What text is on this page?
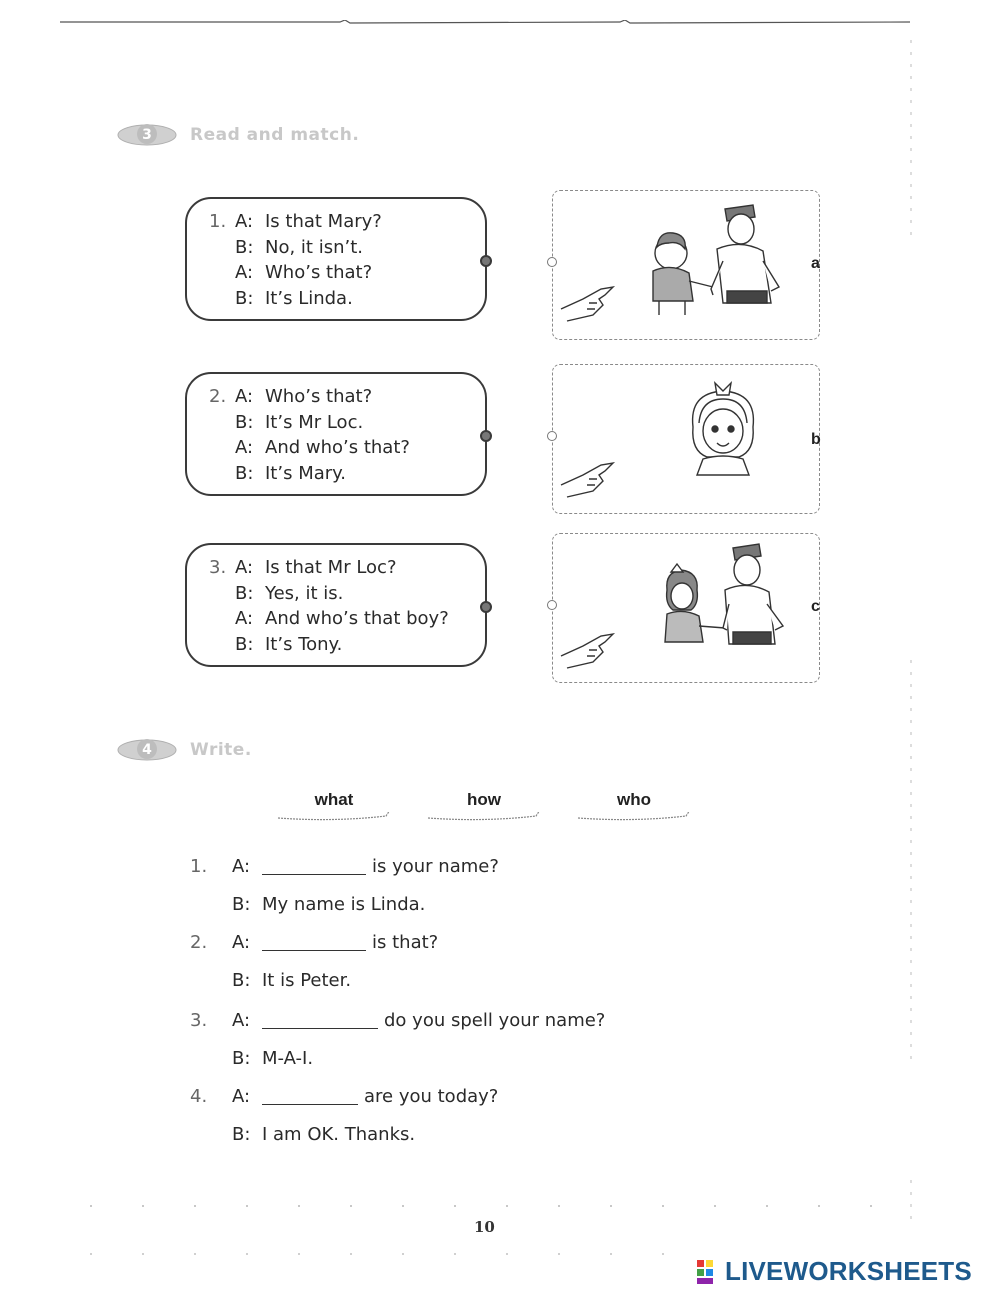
3 Read and match.
1. A: Is that Mary?
B: No, it isn’t.
A: Who’s that?
B: It’s Linda.
2. A: Who’s that?
B: It’s Mr Loc.
A: And who’s that?
B: It’s Mary.
3. A: Is that Mr Loc?
B: Yes, it is.
A: And who’s that boy?
B: It’s Tony.
a
b
c
4 Write.
what	how	who
1.	A:	is your name?
B: My name is Linda.
2.	A:	is that?
B: It is Peter.
3.	A:	do you spell your name?
B: M-A-I.
4.	A:	are you today?
B: I am OK. Thanks.
10
LIVEWORKSHEETS
